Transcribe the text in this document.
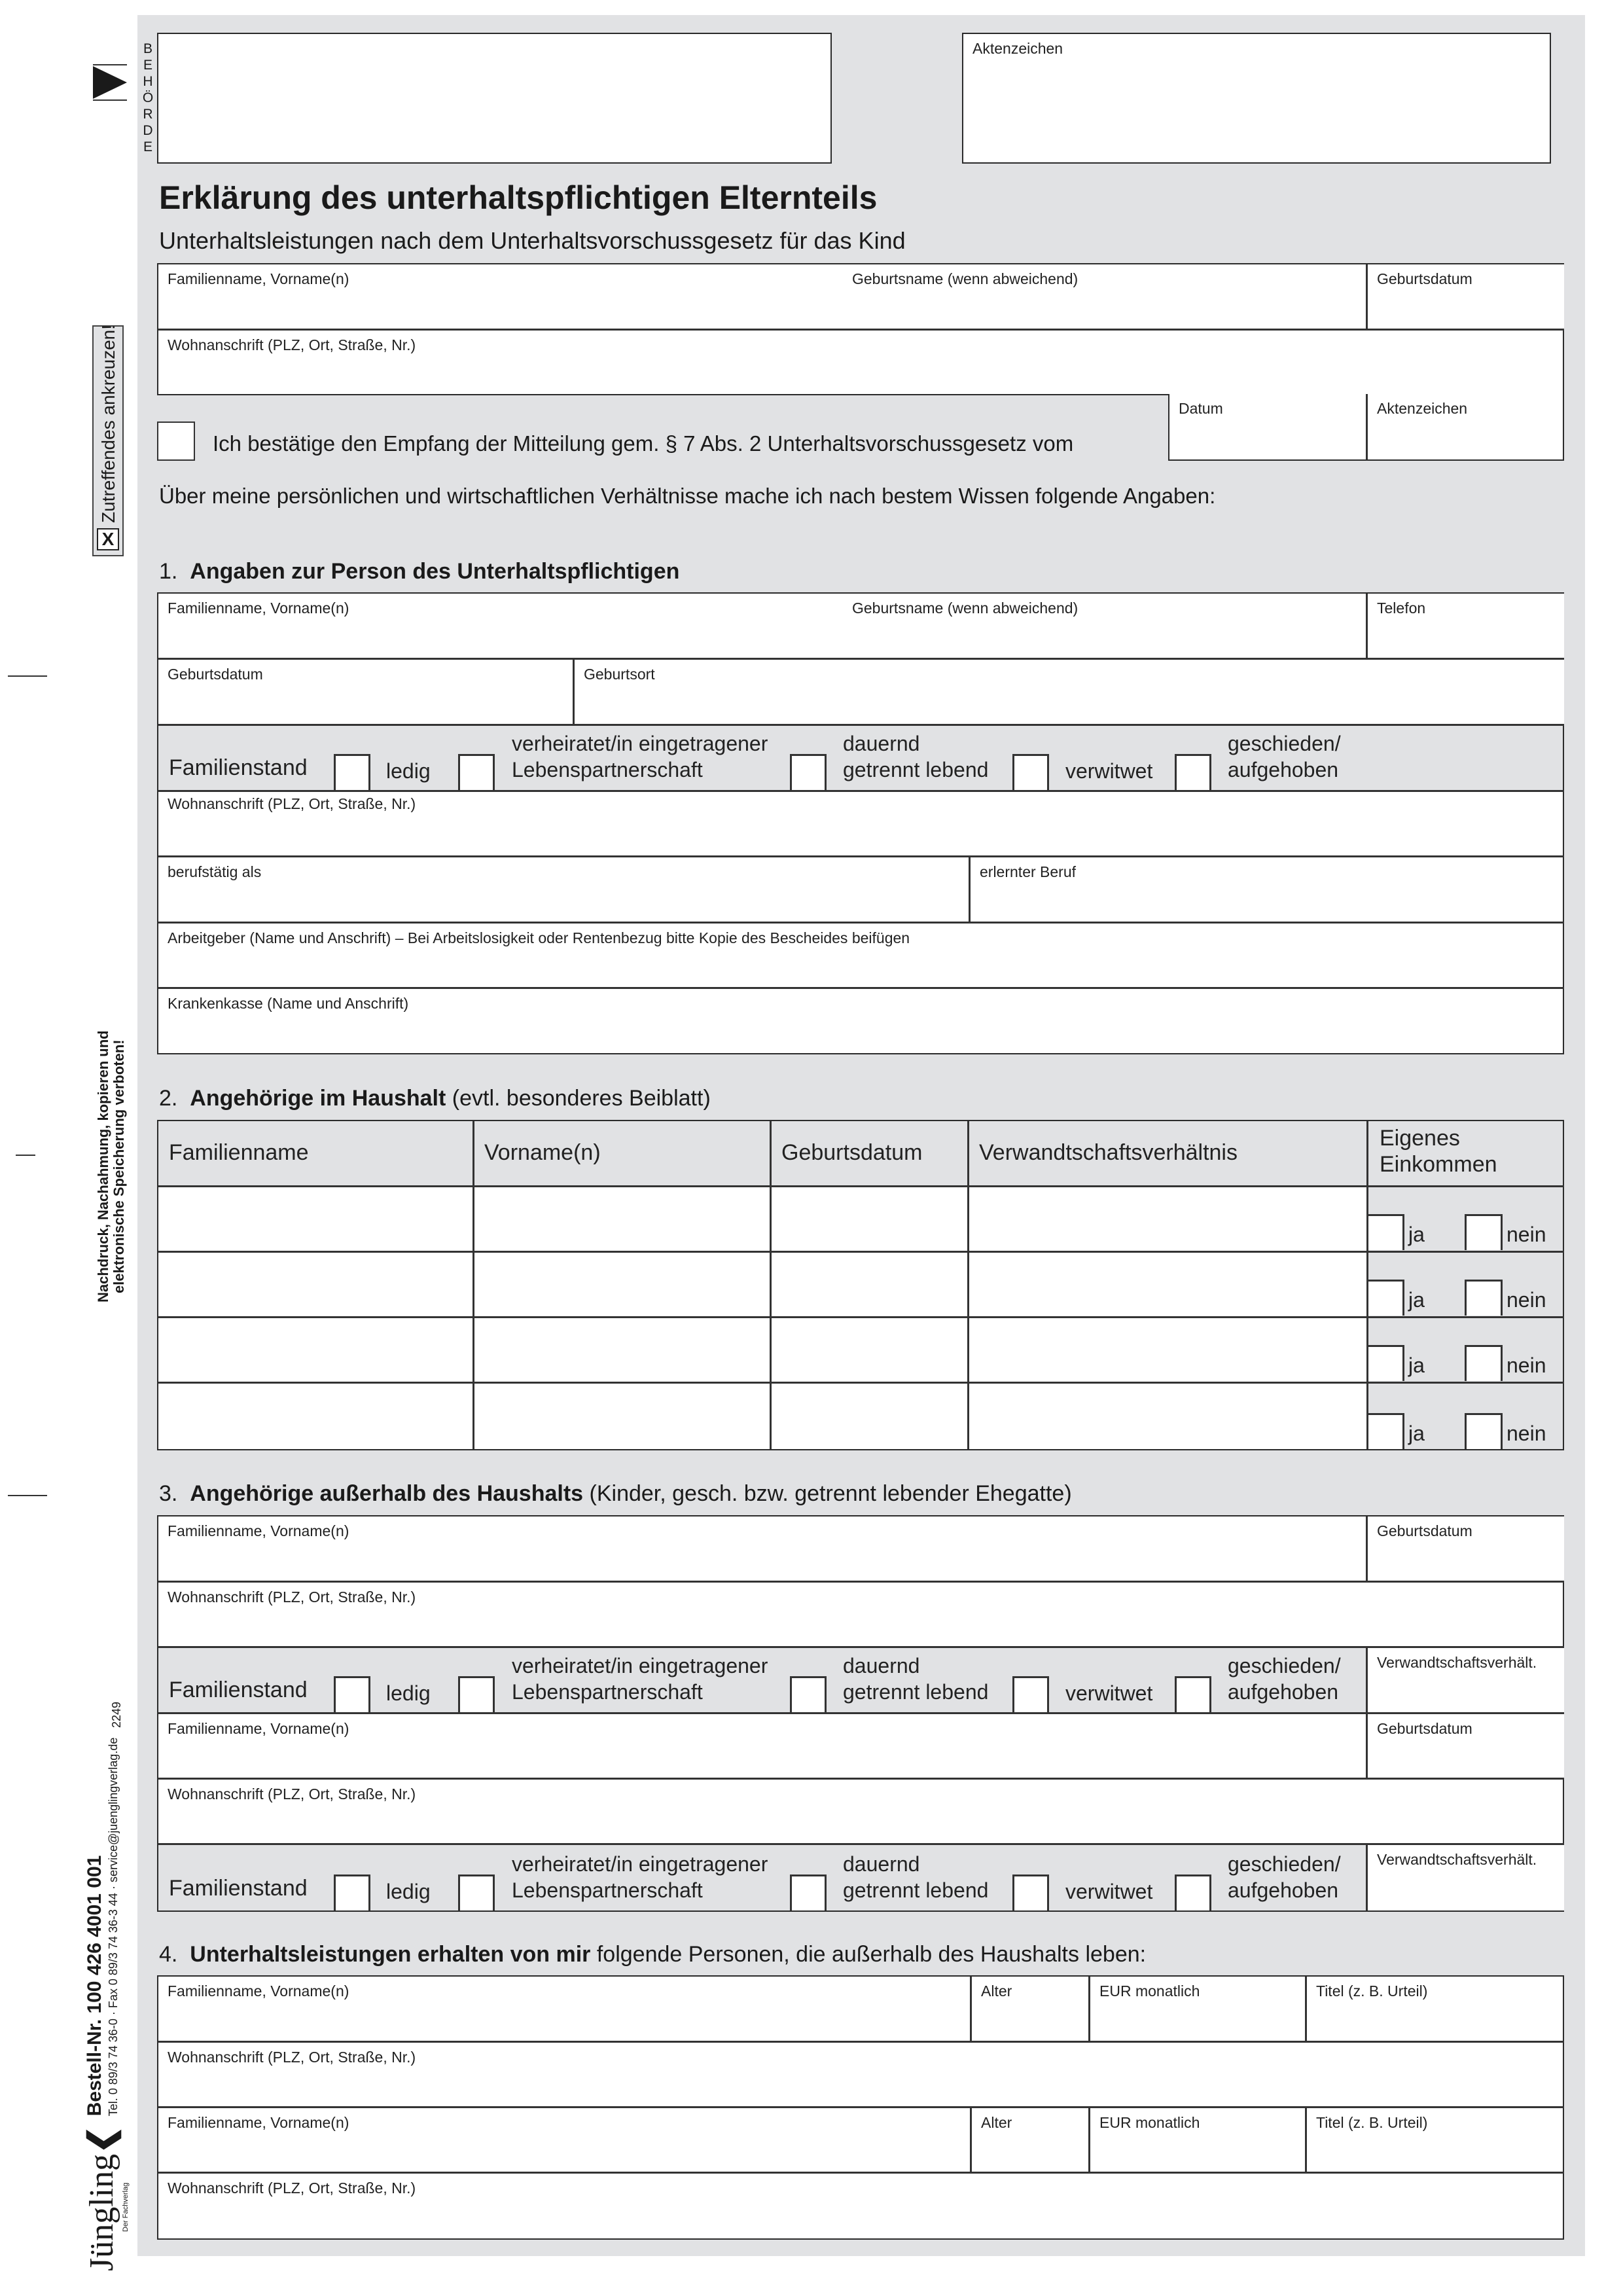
X
Zutreffendes ankreuzen!
Nachdruck, Nachahmung, kopieren und elektronische Speicherung verboten!
Jüngling❮
Bestell-Nr. 100 426 4001 001 Tel. 0 89/3 74 36-0 · Fax 0 89/3 74 36-3 44 · service@juenglingverlag.de
Der Fachverlag
2249
B
E
H
Ö
R
D
E
Aktenzeichen
Erklärung des unterhaltspflichtigen Elternteils
Unterhaltsleistungen nach dem Unterhaltsvorschussgesetz für das Kind
Familienname, Vorname(n)	Geburtsname (wenn abweichend)	Geburtsdatum
Wohnanschrift (PLZ, Ort, Straße, Nr.)
Ich bestätige den Empfang der Mitteilung gem. § 7 Abs. 2 Unterhaltsvorschussgesetz vom
Datum	Aktenzeichen
Über meine persönlichen und wirtschaftlichen Verhältnisse mache ich nach bestem Wissen folgende Angaben:
1. Angaben zur Person des Unterhaltspflichtigen
Familienname, Vorname(n)	Geburtsname (wenn abweichend)	Telefon
Geburtsdatum	Geburtsort
Familienstand	ledig
verheiratet/in eingetragener
Lebenspartnerschaft
dauernd
getrennt lebend	verwitwet
geschieden/
aufgehoben
Wohnanschrift (PLZ, Ort, Straße, Nr.)
berufstätig als	erlernter Beruf
Arbeitgeber (Name und Anschrift) – Bei Arbeitslosigkeit oder Rentenbezug bitte Kopie des Bescheides beifügen
Krankenkasse (Name und Anschrift)
2. Angehörige im Haushalt (evtl. besonderes Beiblatt)
Familienname	Vorname(n)	Geburtsdatum	Verwandtschaftsverhältnis
Eigenes
Einkommen
ja	nein
ja	nein
ja	nein
ja	nein
3. Angehörige außerhalb des Haushalts (Kinder, gesch. bzw. getrennt lebender Ehegatte)
Familienname, Vorname(n)	Geburtsdatum
Wohnanschrift (PLZ, Ort, Straße, Nr.)
Familienstand	ledig
verheiratet/in eingetragener
Lebenspartnerschaft
dauernd
getrennt lebend	verwitwet
geschieden/
aufgehoben
Verwandtschaftsverhält.
Familienname, Vorname(n)	Geburtsdatum
Wohnanschrift (PLZ, Ort, Straße, Nr.)
Familienstand	ledig
verheiratet/in eingetragener
Lebenspartnerschaft
dauernd
getrennt lebend	verwitwet
geschieden/
aufgehoben
Verwandtschaftsverhält.
4. Unterhaltsleistungen erhalten von mir folgende Personen, die außerhalb des Haushalts leben:
Familienname, Vorname(n)	Alter	EUR monatlich	Titel (z. B. Urteil)
Wohnanschrift (PLZ, Ort, Straße, Nr.)
Familienname, Vorname(n)	Alter	EUR monatlich	Titel (z. B. Urteil)
Wohnanschrift (PLZ, Ort, Straße, Nr.)
